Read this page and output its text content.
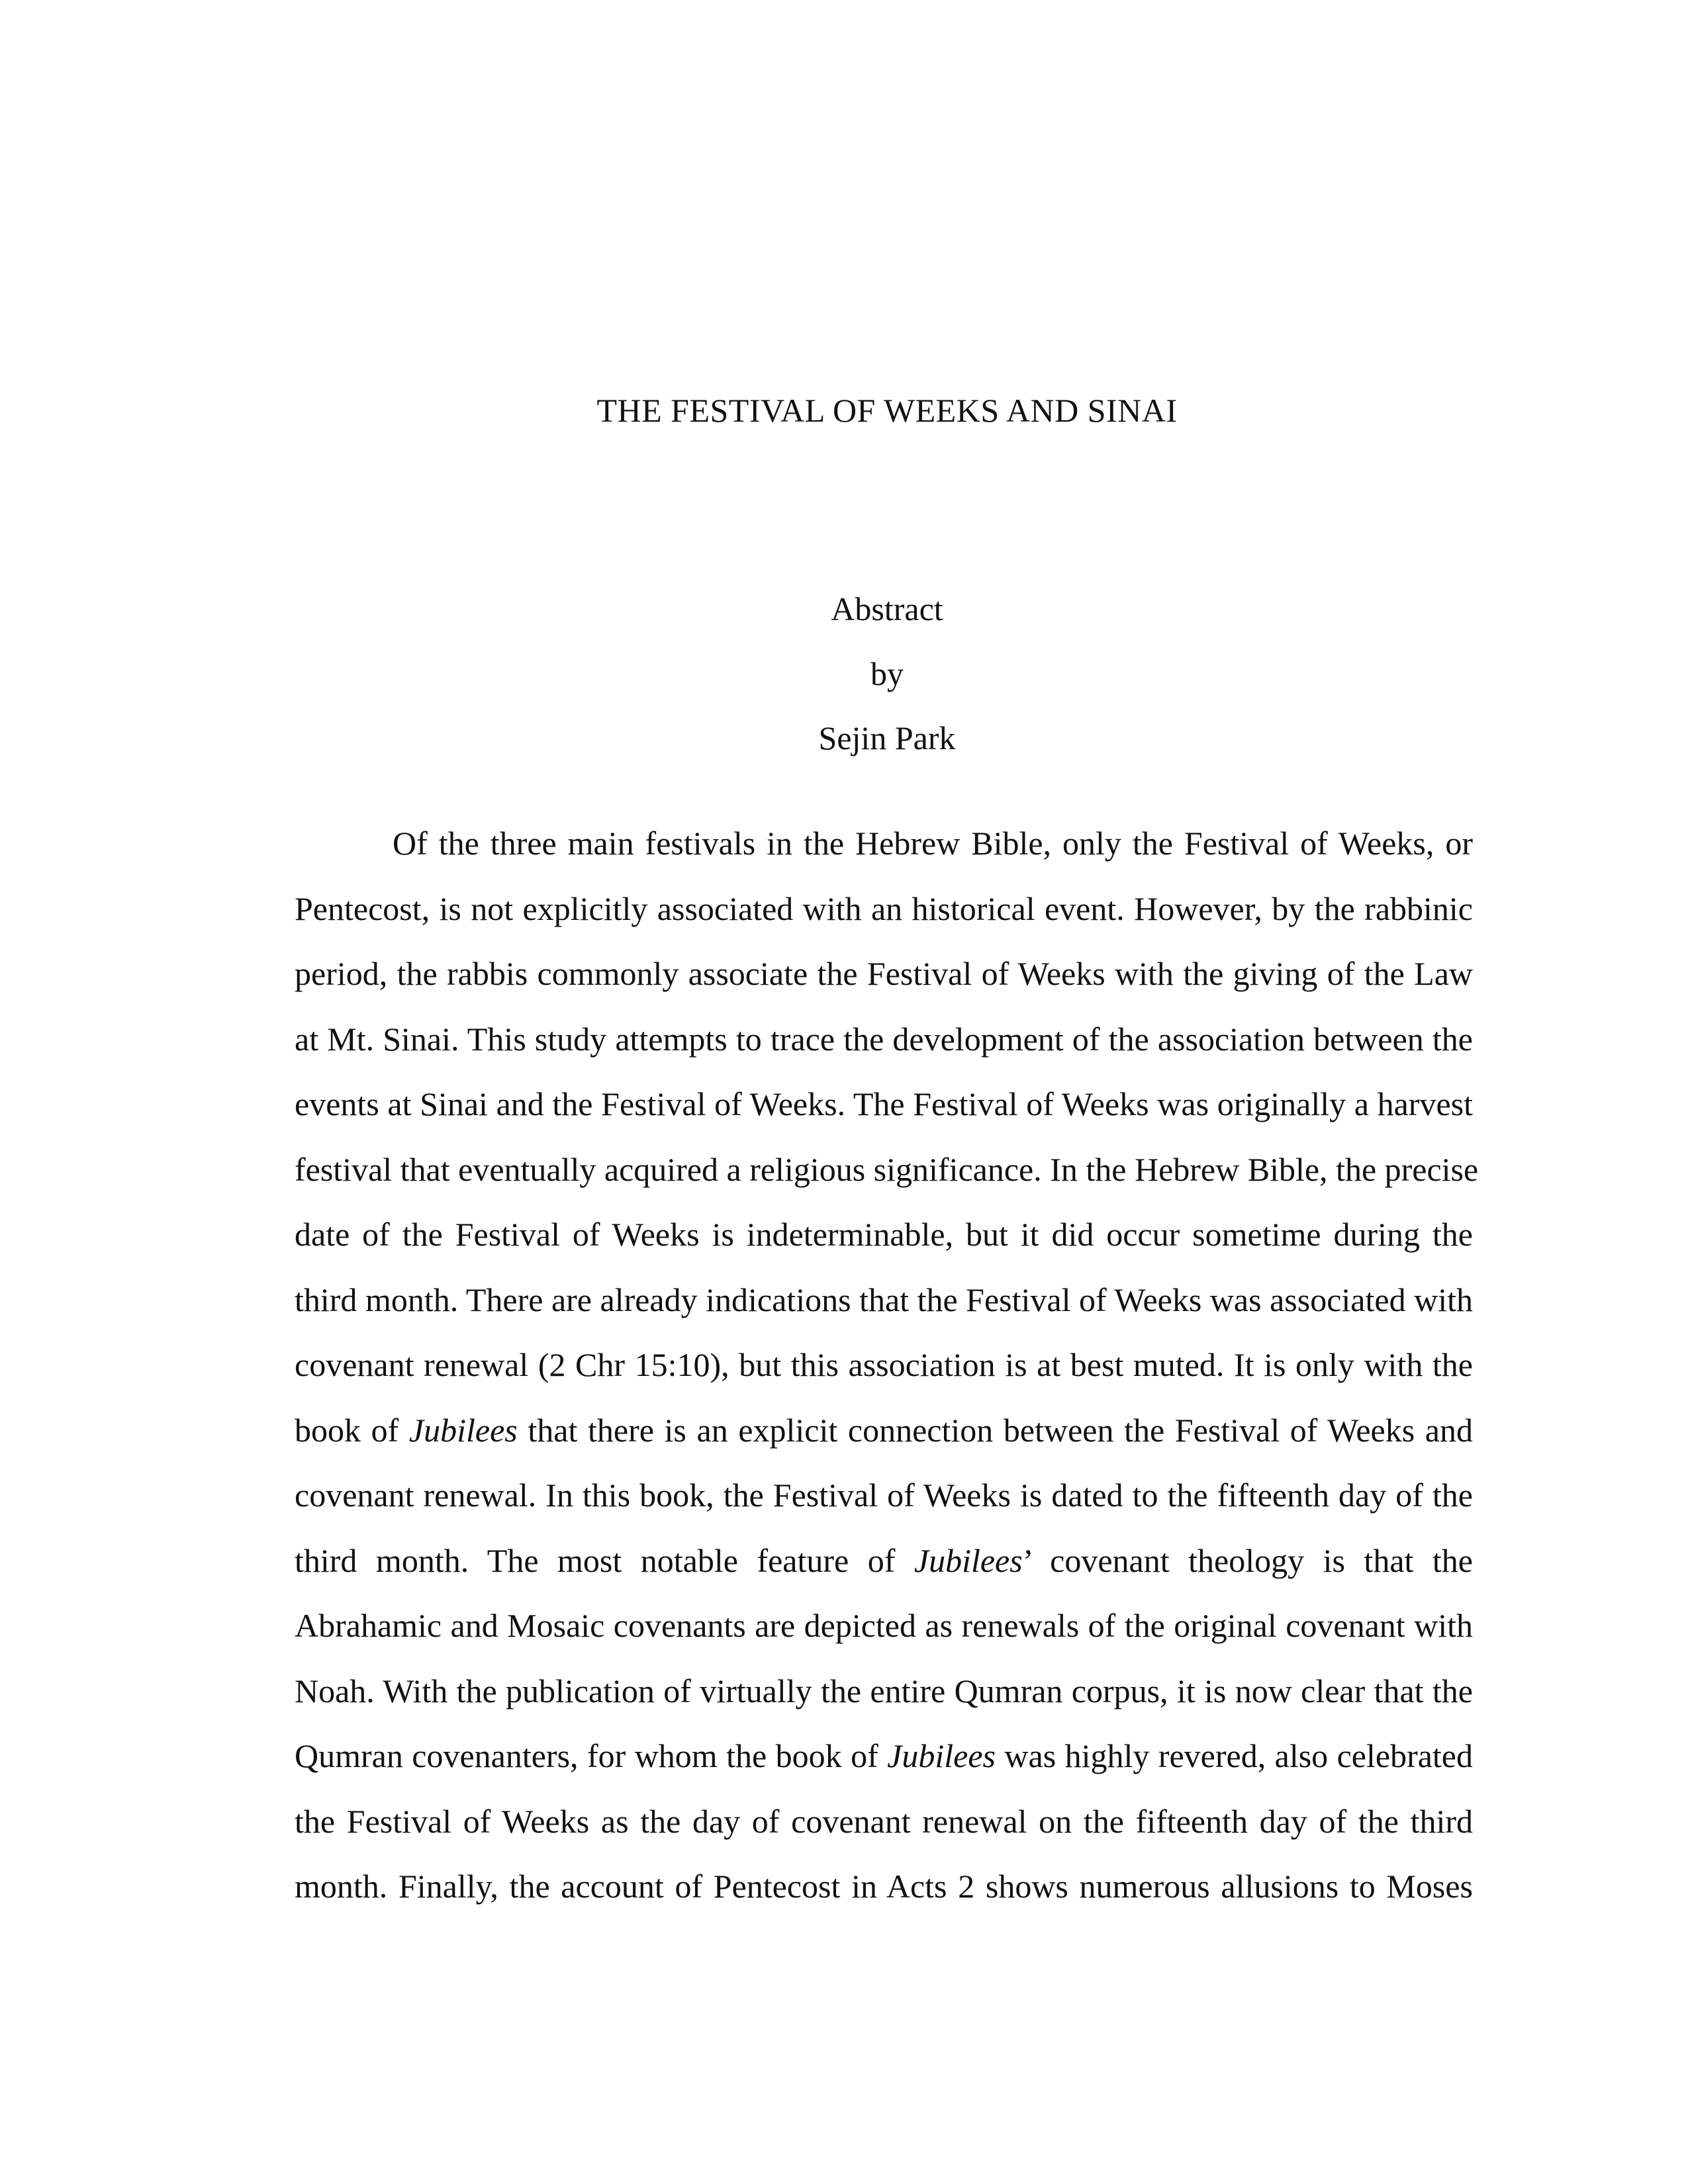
THE FESTIVAL OF WEEKS AND SINAI
Abstract
by
Sejin Park
Of the three main festivals in the Hebrew Bible, only the Festival of Weeks, or
Pentecost, is not explicitly associated with an historical event. However, by the rabbinic
period, the rabbis commonly associate the Festival of Weeks with the giving of the Law
at Mt. Sinai. This study attempts to trace the development of the association between the
events at Sinai and the Festival of Weeks. The Festival of Weeks was originally a harvest
festival that eventually acquired a religious significance. In the Hebrew Bible, the precise
date of the Festival of Weeks is indeterminable, but it did occur sometime during the
third month. There are already indications that the Festival of Weeks was associated with
covenant renewal (2 Chr 15:10), but this association is at best muted. It is only with the
book of Jubilees that there is an explicit connection between the Festival of Weeks and
covenant renewal. In this book, the Festival of Weeks is dated to the fifteenth day of the
third month. The most notable feature of Jubilees’ covenant theology is that the
Abrahamic and Mosaic covenants are depicted as renewals of the original covenant with
Noah. With the publication of virtually the entire Qumran corpus, it is now clear that the
Qumran covenanters, for whom the book of Jubilees was highly revered, also celebrated
the Festival of Weeks as the day of covenant renewal on the fifteenth day of the third
month. Finally, the account of Pentecost in Acts 2 shows numerous allusions to Moses
